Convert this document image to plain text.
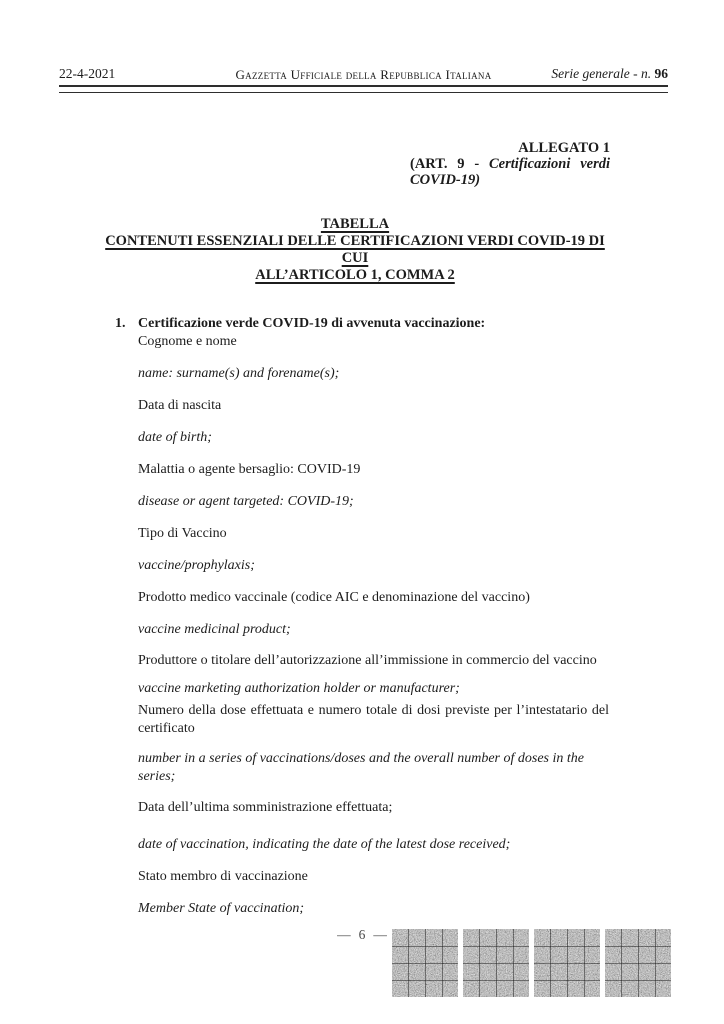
22-4-2021	Gazzetta Ufficiale della Repubblica Italiana	Serie generale - n. 96
ALLEGATO 1
(ART. 9 - Certificazioni verdi
COVID-19)
TABELLA
CONTENUTI ESSENZIALI DELLE CERTIFICAZIONI VERDI COVID-19 DI CUI
ALL’ARTICOLO 1, COMMA 2

1. Certificazione verde COVID-19 di avvenuta vaccinazione:

Cognome e nome

name: surname(s) and forename(s);

Data di nascita

date of birth;

Malattia o agente bersaglio: COVID-19

disease or agent targeted: COVID-19;

Tipo di Vaccino

vaccine/prophylaxis;

Prodotto medico vaccinale (codice AIC e denominazione del vaccino)

vaccine medicinal product;

Produttore o titolare dell’autorizzazione all’immissione in commercio del vaccino

vaccine marketing authorization holder or manufacturer;

Numero della dose effettuata e numero totale di dosi previste per l’intestatario del certificato

number in a series of vaccinations/doses and the overall number of doses in the series;

Data dell’ultima somministrazione effettuata;

date of vaccination, indicating the date of the latest dose received;

Stato membro di vaccinazione

Member State of vaccination;

— 6 —
